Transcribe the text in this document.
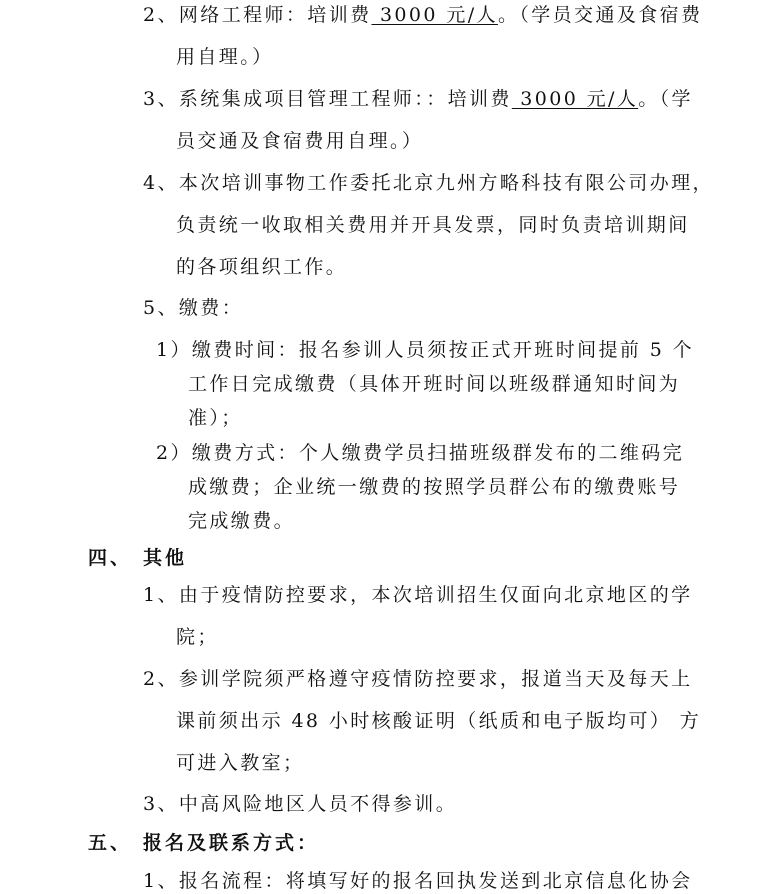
2、网络工程师：培训费 3000 元/人。（学员交通及食宿费
用自理。）
3、系统集成项目管理工程师：：培训费 3000 元/人。（学
员交通及食宿费用自理。）
4、本次培训事物工作委托北京九州方略科技有限公司办理，
负责统一收取相关费用并开具发票，同时负责培训期间
的各项组织工作。
5、缴费：
1）缴费时间：报名参训人员须按正式开班时间提前 5 个
工作日完成缴费（具体开班时间以班级群通知时间为
准）；
2）缴费方式：个人缴费学员扫描班级群发布的二维码完
成缴费；企业统一缴费的按照学员群公布的缴费账号
完成缴费。
四、 其他
1、由于疫情防控要求，本次培训招生仅面向北京地区的学
院；
2、参训学院须严格遵守疫情防控要求，报道当天及每天上
课前须出示 48 小时核酸证明（纸质和电子版均可） 方
可进入教室；
3、中高风险地区人员不得参训。
五、 报名及联系方式：
1、报名流程：将填写好的报名回执发送到北京信息化协会
